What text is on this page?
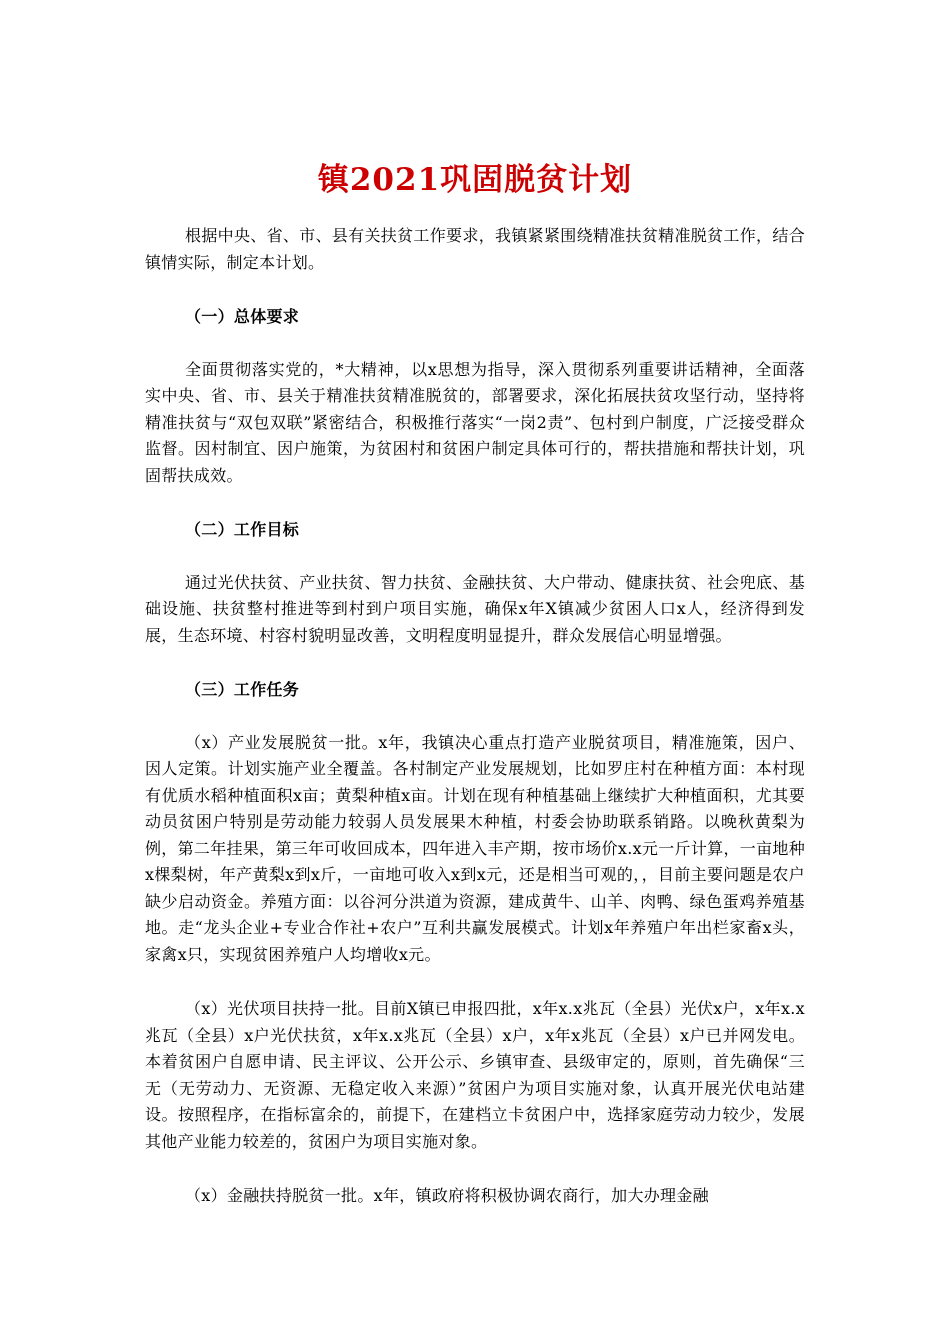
镇2021巩固脱贫计划

根据中央、省、市、县有关扶贫工作要求，我镇紧紧围绕精准扶贫精准脱贫工作，结合镇情实际，制定本计划。

（一）总体要求

全面贯彻落实党的，*大精神，以x思想为指导，深入贯彻系列重要讲话精神，全面落实中央、省、市、县关于精准扶贫精准脱贫的，部署要求，深化拓展扶贫攻坚行动，坚持将精准扶贫与“双包双联”紧密结合，积极推行落实“一岗2责”、包村到户制度，广泛接受群众监督。因村制宜、因户施策，为贫困村和贫困户制定具体可行的，帮扶措施和帮扶计划，巩固帮扶成效。

（二）工作目标

通过光伏扶贫、产业扶贫、智力扶贫、金融扶贫、大户带动、健康扶贫、社会兜底、基础设施、扶贫整村推进等到村到户项目实施，确保x年X镇减少贫困人口x人，经济得到发展，生态环境、村容村貌明显改善，文明程度明显提升，群众发展信心明显增强。

（三）工作任务

（x）产业发展脱贫一批。x年，我镇决心重点打造产业脱贫项目，精准施策，因户、因人定策。计划实施产业全覆盖。各村制定产业发展规划，比如罗庄村在种植方面：本村现有优质水稻种植面积x亩；黄梨种植x亩。计划在现有种植基础上继续扩大种植面积，尤其要动员贫困户特别是劳动能力较弱人员发展果木种植，村委会协助联系销路。以晚秋黄梨为例，第二年挂果，第三年可收回成本，四年进入丰产期，按市场价x.x元一斤计算，一亩地种x棵梨树，年产黄梨x到x斤，一亩地可收入x到x元，还是相当可观的，，目前主要问题是农户缺少启动资金。养殖方面：以谷河分洪道为资源，建成黄牛、山羊、肉鸭、绿色蛋鸡养殖基地。走“龙头企业+专业合作社+农户”互利共赢发展模式。计划x年养殖户年出栏家畜x头，家禽x只，实现贫困养殖户人均增收x元。

（x）光伏项目扶持一批。目前X镇已申报四批，x年x.x兆瓦（全县）光伏x户，x年x.x兆瓦（全县）x户光伏扶贫，x年x.x兆瓦（全县）x户，x年x兆瓦（全县）x户已并网发电。本着贫困户自愿申请、民主评议、公开公示、乡镇审查、县级审定的，原则，首先确保“三无（无劳动力、无资源、无稳定收入来源）”贫困户为项目实施对象，认真开展光伏电站建设。按照程序，在指标富余的，前提下，在建档立卡贫困户中，选择家庭劳动力较少，发展其他产业能力较差的，贫困户为项目实施对象。

（x）金融扶持脱贫一批。x年，镇政府将积极协调农商行，加大办理金融
